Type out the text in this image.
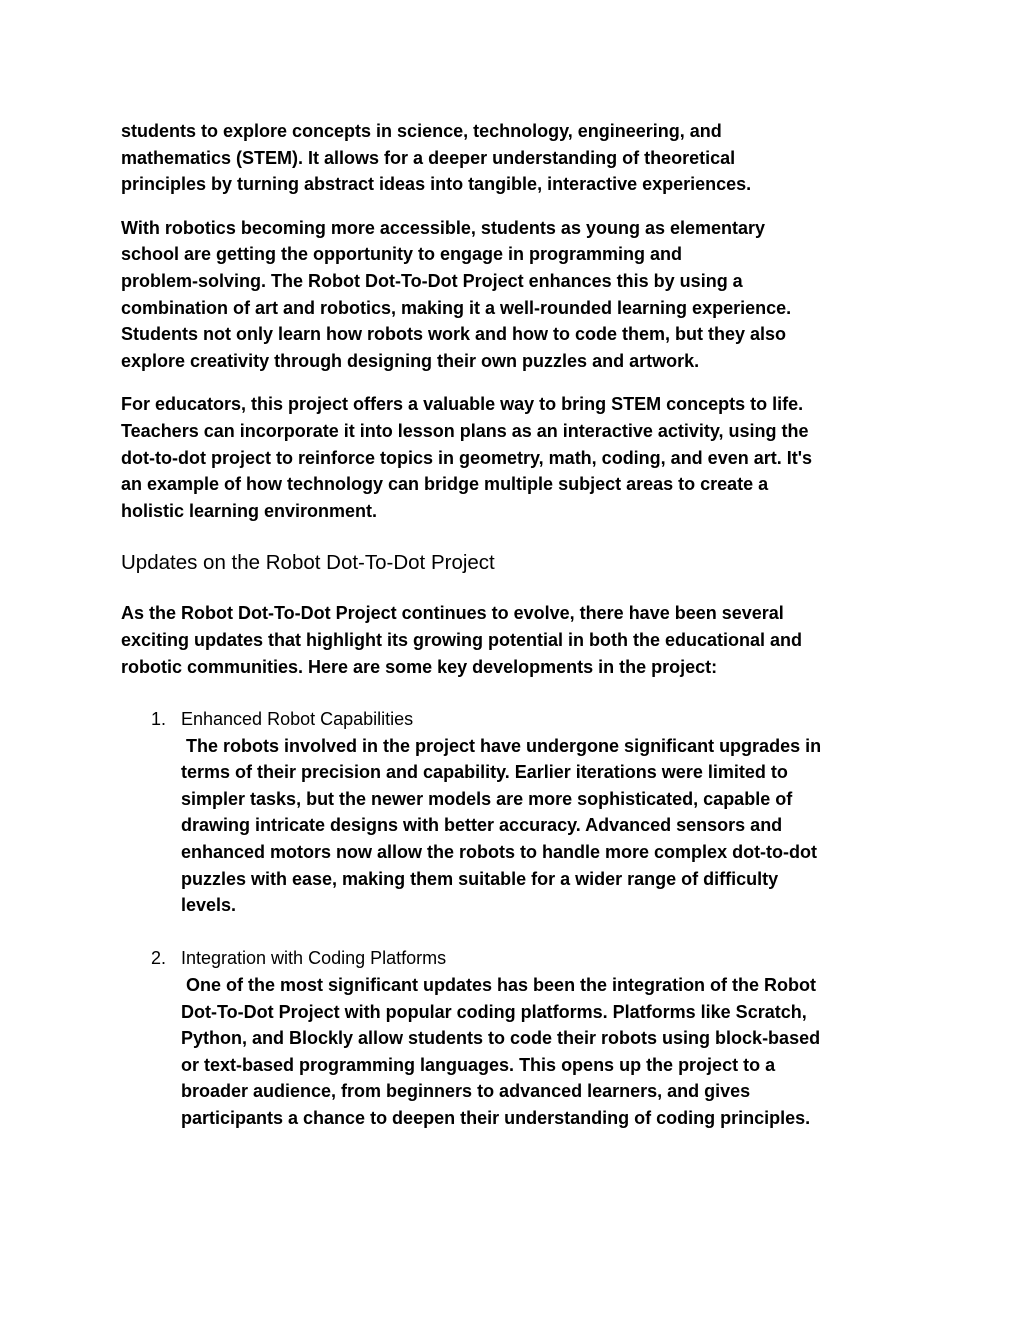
students to explore concepts in science, technology, engineering, and
mathematics (STEM). It allows for a deeper understanding of theoretical
principles by turning abstract ideas into tangible, interactive experiences.

With robotics becoming more accessible, students as young as elementary
school are getting the opportunity to engage in programming and
problem-solving. The Robot Dot-To-Dot Project enhances this by using a
combination of art and robotics, making it a well-rounded learning experience.
Students not only learn how robots work and how to code them, but they also
explore creativity through designing their own puzzles and artwork.

For educators, this project offers a valuable way to bring STEM concepts to life.
Teachers can incorporate it into lesson plans as an interactive activity, using the
dot-to-dot project to reinforce topics in geometry, math, coding, and even art. It's
an example of how technology can bridge multiple subject areas to create a
holistic learning environment.

Updates on the Robot Dot-To-Dot Project

As the Robot Dot-To-Dot Project continues to evolve, there have been several
exciting updates that highlight its growing potential in both the educational and
robotic communities. Here are some key developments in the project:

1. Enhanced Robot Capabilities
The robots involved in the project have undergone significant upgrades in
terms of their precision and capability. Earlier iterations were limited to
simpler tasks, but the newer models are more sophisticated, capable of
drawing intricate designs with better accuracy. Advanced sensors and
enhanced motors now allow the robots to handle more complex dot-to-dot
puzzles with ease, making them suitable for a wider range of difficulty
levels.
2. Integration with Coding Platforms
One of the most significant updates has been the integration of the Robot
Dot-To-Dot Project with popular coding platforms. Platforms like Scratch,
Python, and Blockly allow students to code their robots using block-based
or text-based programming languages. This opens up the project to a
broader audience, from beginners to advanced learners, and gives
participants a chance to deepen their understanding of coding principles.
